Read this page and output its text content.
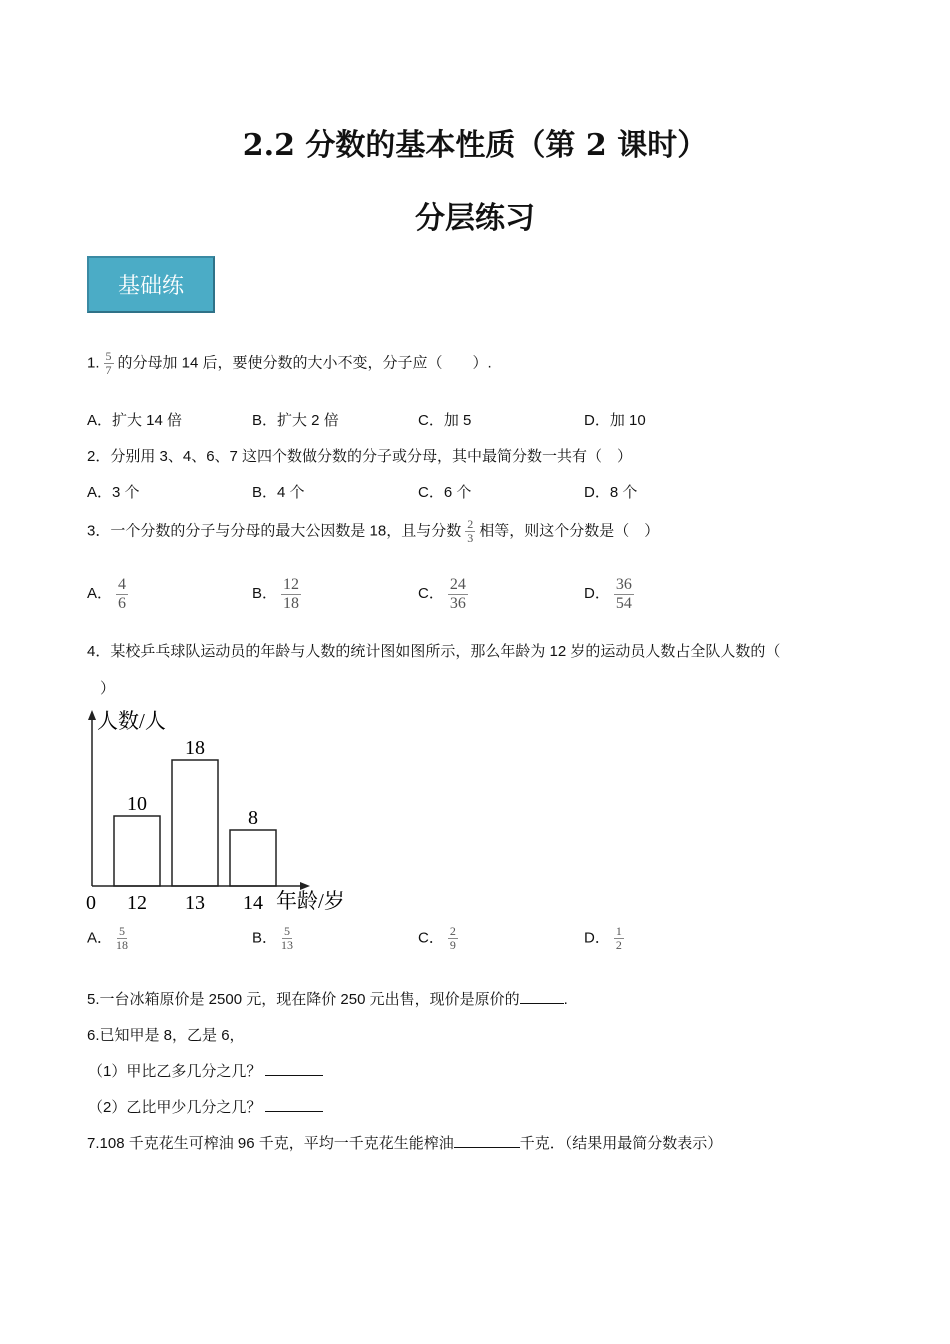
2.2 分数的基本性质（第 2 课时）
分层练习
基础练
1. $\frac{5}{7}$ 的分母加 14 后，要使分数的大小不变，分子应（　　）.
A．扩大 14 倍	B．扩大 2 倍	C．加 5	D．加 10
2．分别用 3、4、6、7 这四个数做分数的分子或分母，其中最简分数一共有（　）
A．3 个	B．4 个	C．6 个	D．8 个
3．一个分数的分子与分母的最大公因数是 18，且与分数 $\frac{2}{3}$ 相等，则这个分数是（　）
A． $\frac{4}{6}$	B． $\frac{12}{18}$	C． $\frac{24}{36}$	D． $\frac{36}{54}$
4．某校乒乓球队运动员的年龄与人数的统计图如图所示，那么年龄为 12 岁的运动员人数占全队人数的（
）
人数/人
年龄/岁
0
10
12
18
13
8
14
A． $\frac{5}{18}$	B． $\frac{5}{13}$	C． $\frac{2}{9}$	D． $\frac{1}{2}$
5.一台冰箱原价是 2500 元，现在降价 250 元出售，现价是原价的	.
6.已知甲是 8，乙是 6，
（1）甲比乙多几分之几？
（2）乙比甲少几分之几？
7.108 千克花生可榨油 96 千克，平均一千克花生能榨油	千克．（结果用最简分数表示）
